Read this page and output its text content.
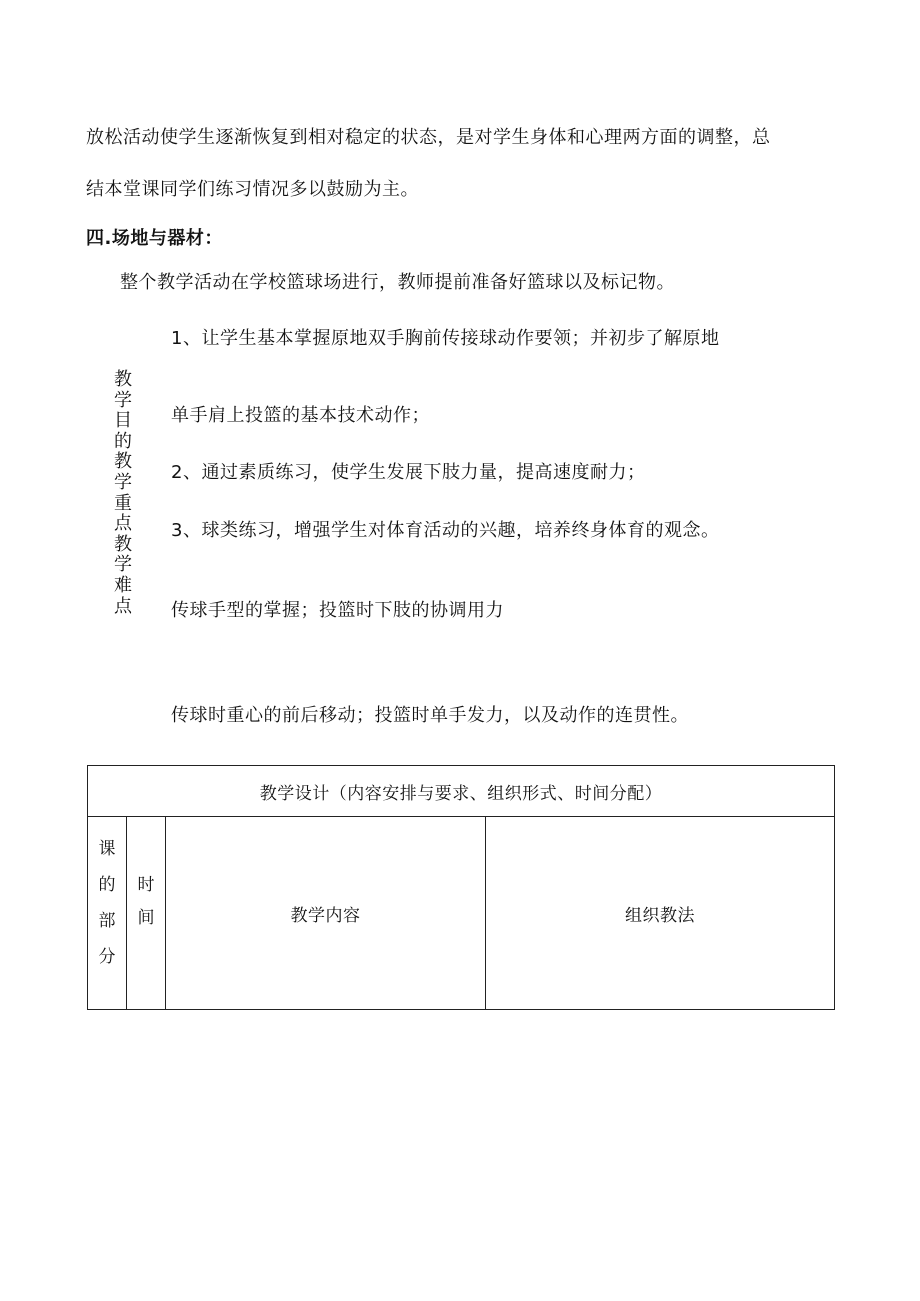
放松活动使学生逐渐恢复到相对稳定的状态，是对学生身体和心理两方面的调整，总
结本堂课同学们练习情况多以鼓励为主。
四.场地与器材：
整个教学活动在学校篮球场进行，教师提前准备好篮球以及标记物。
教学目的 教学重点教学难点
1、让学生基本掌握原地双手胸前传接球动作要领；并初步了解原地
单手肩上投篮的基本技术动作；
2、通过素质练习，使学生发展下肢力量，提高速度耐力；
3、球类练习，增强学生对体育活动的兴趣，培养终身体育的观念。
传球手型的掌握；投篮时下肢的协调用力
传球时重心的前后移动；投篮时单手发力，以及动作的连贯性。
教学设计（内容安排与要求、组织形式、时间分配）
课的部分	时间	教学内容	组织教法
